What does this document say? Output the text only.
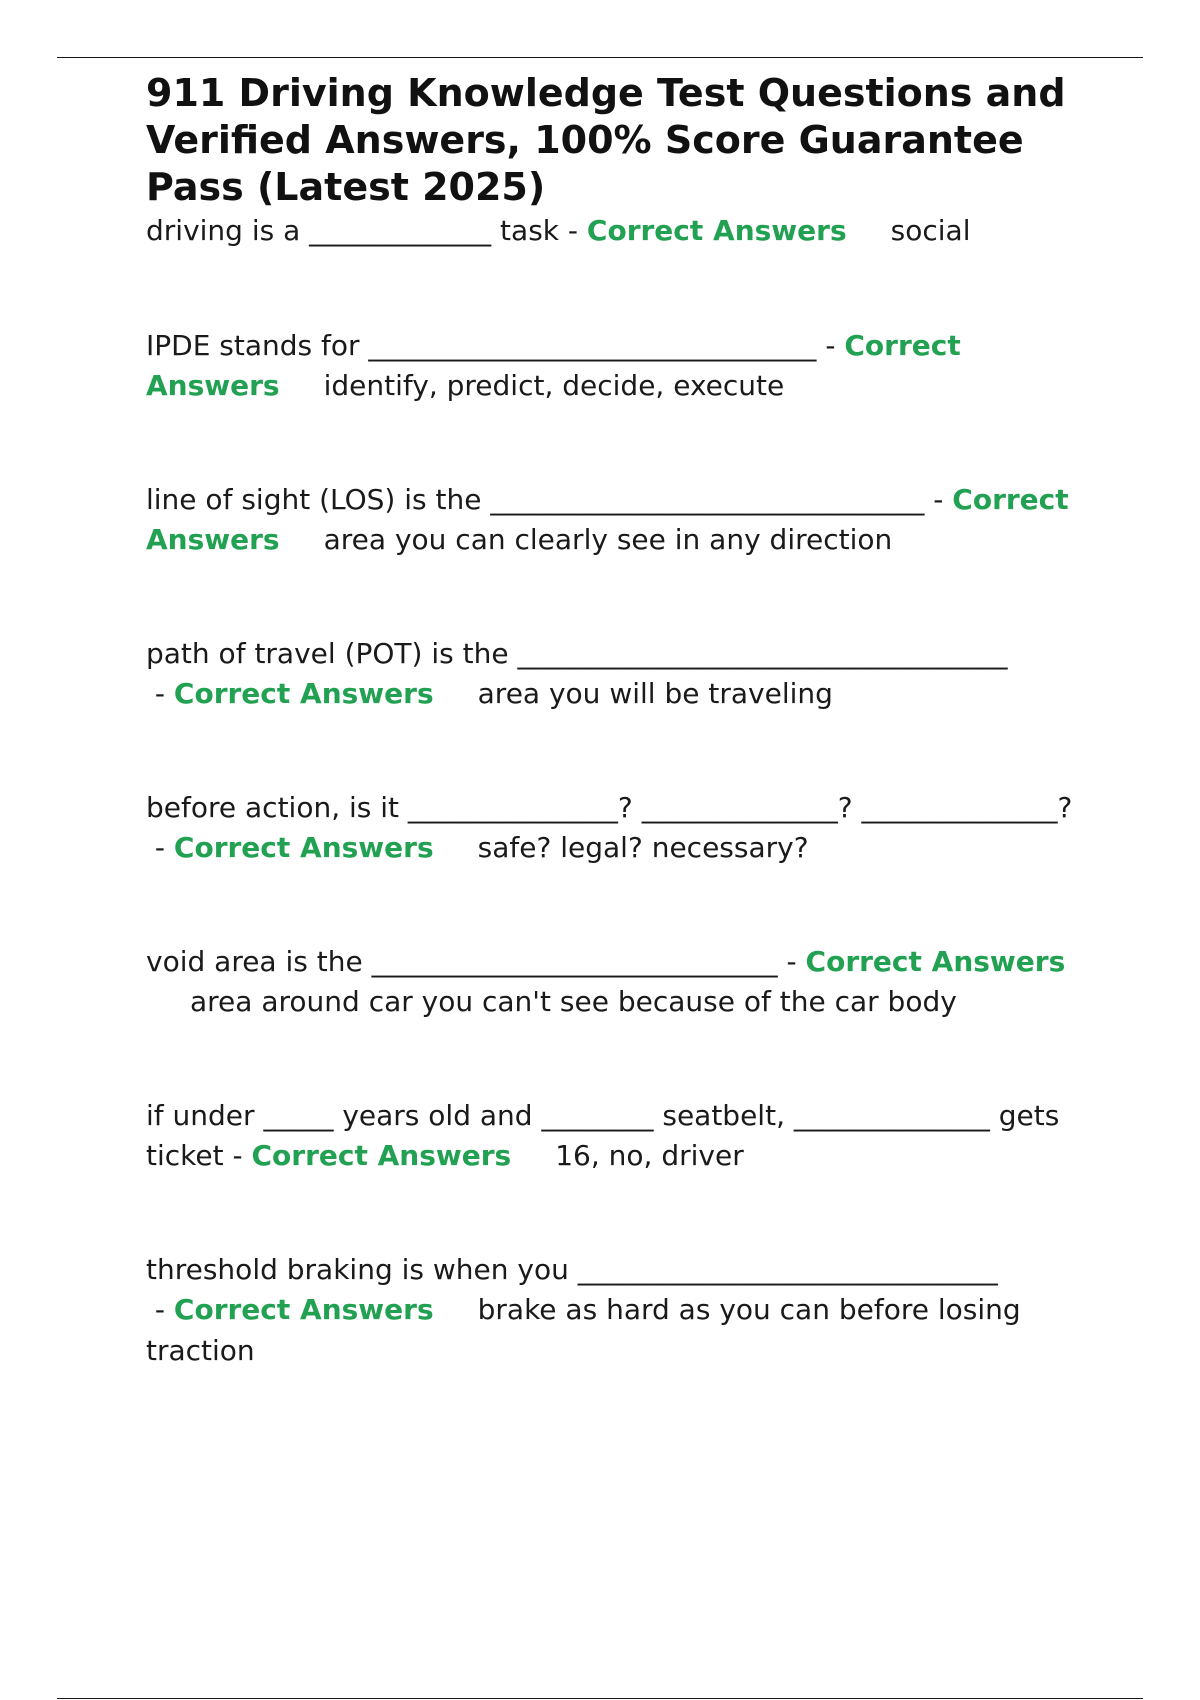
911 Driving Knowledge Test Questions and Verified Answers, 100% Score Guarantee Pass (Latest 2025)

driving is a _____________ task - Correct Answers social

IPDE stands for ________________________________ - Correct Answers identify, predict, decide, execute

line of sight (LOS) is the _______________________________ - Correct Answers area you can clearly see in any direction

path of travel (POT) is the ___________________________________ - Correct Answers area you will be traveling

before action, is it _______________? ______________? ______________? - Correct Answers safe? legal? necessary?

void area is the _____________________________ - Correct Answersarea around car you can't see because of the car body

if under _____ years old and ________ seatbelt, ______________ gets ticket - Correct Answers 16, no, driver

threshold braking is when you ______________________________ - Correct Answers brake as hard as you can before losing traction
